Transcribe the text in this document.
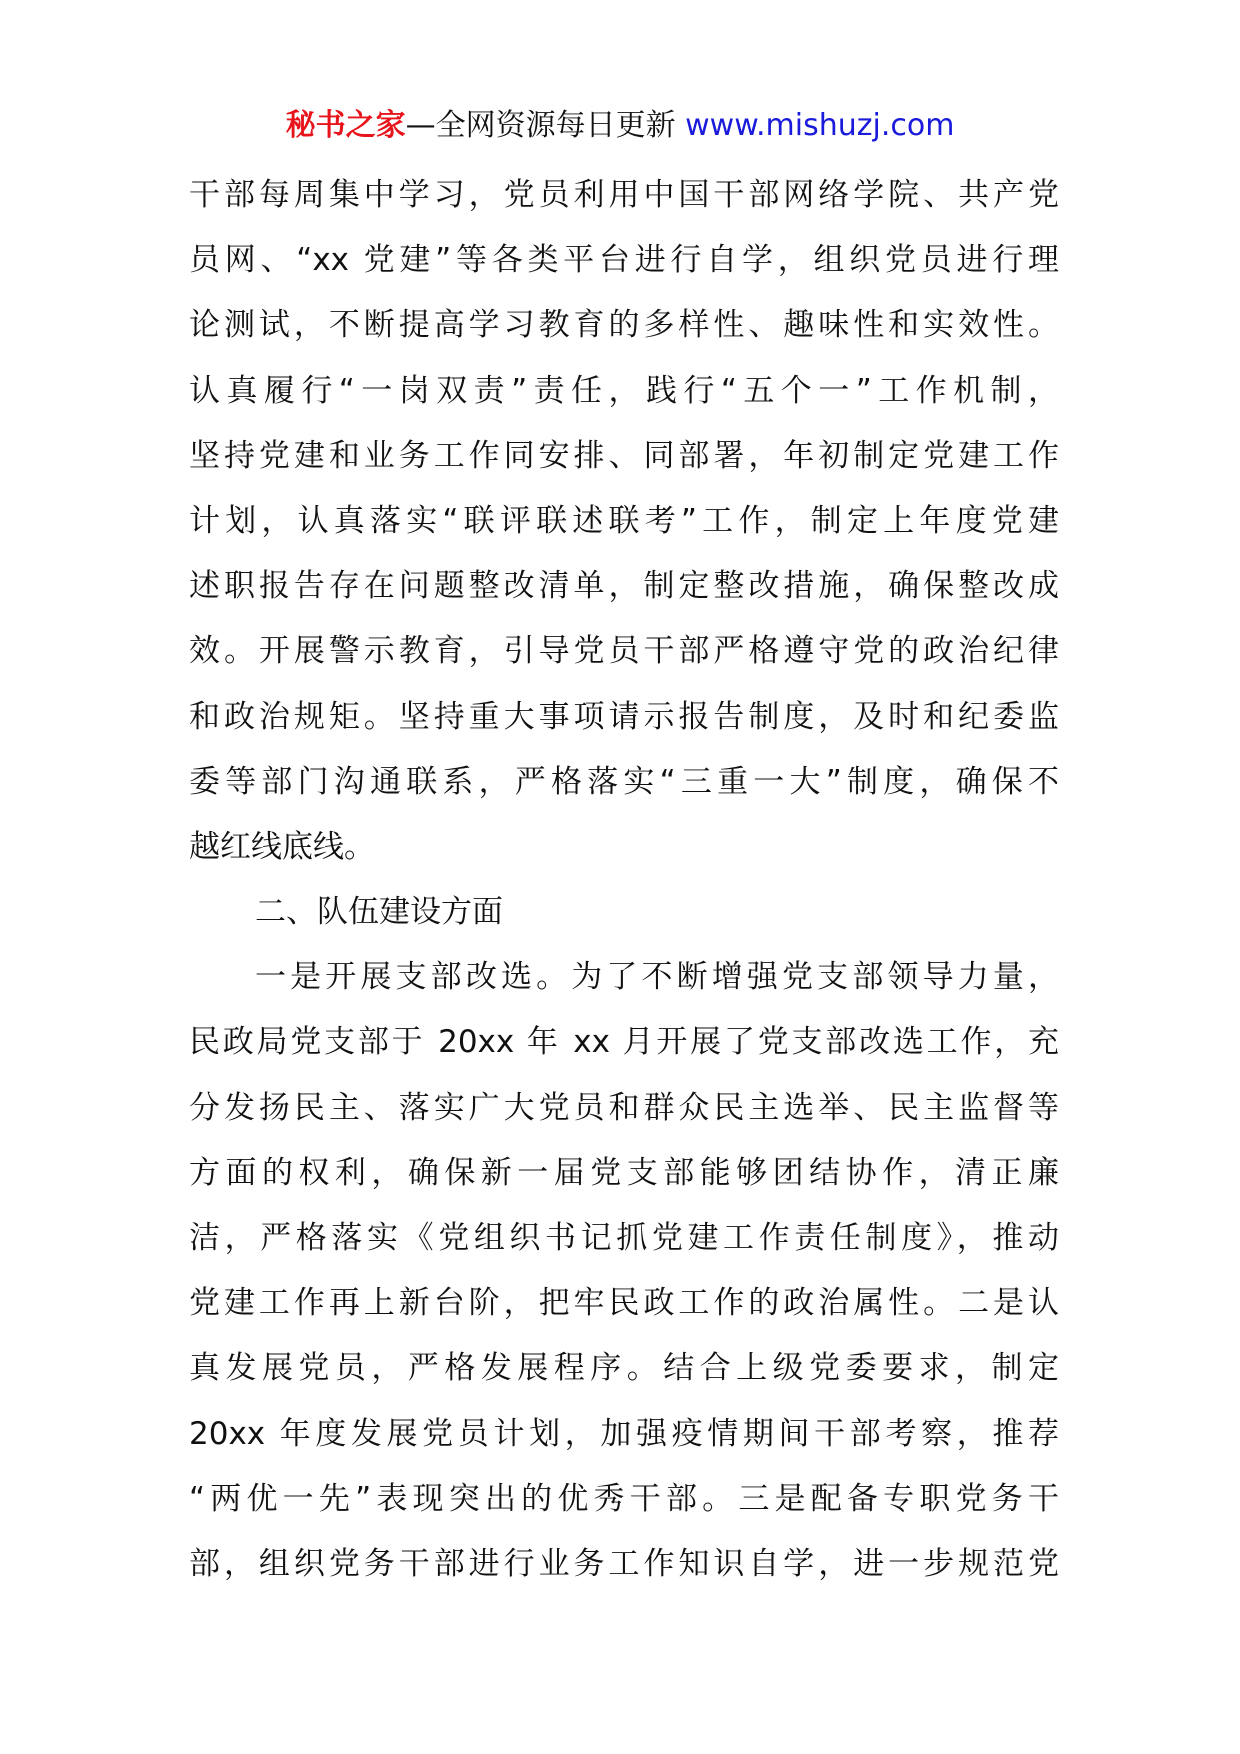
秘书之家—全网资源每日更新 www.mishuzj.com
干部每周集中学习，党员利用中国干部网络学院、共产党
员网、“xx 党建”等各类平台进行自学，组织党员进行理
论测试，不断提高学习教育的多样性、趣味性和实效性。
认真履行“一岗双责”责任，践行“五个一”工作机制，
坚持党建和业务工作同安排、同部署，年初制定党建工作
计划，认真落实“联评联述联考”工作，制定上年度党建
述职报告存在问题整改清单，制定整改措施，确保整改成
效。开展警示教育，引导党员干部严格遵守党的政治纪律
和政治规矩。坚持重大事项请示报告制度，及时和纪委监
委等部门沟通联系，严格落实“三重一大”制度，确保不
越红线底线。
二、队伍建设方面
一是开展支部改选。为了不断增强党支部领导力量，
民政局党支部于 20xx 年 xx 月开展了党支部改选工作，充
分发扬民主、落实广大党员和群众民主选举、民主监督等
方面的权利，确保新一届党支部能够团结协作，清正廉
洁，严格落实《党组织书记抓党建工作责任制度》，推动
党建工作再上新台阶，把牢民政工作的政治属性。二是认
真发展党员，严格发展程序。结合上级党委要求，制定
20xx 年度发展党员计划，加强疫情期间干部考察，推荐
“两优一先”表现突出的优秀干部。三是配备专职党务干
部，组织党务干部进行业务工作知识自学，进一步规范党
